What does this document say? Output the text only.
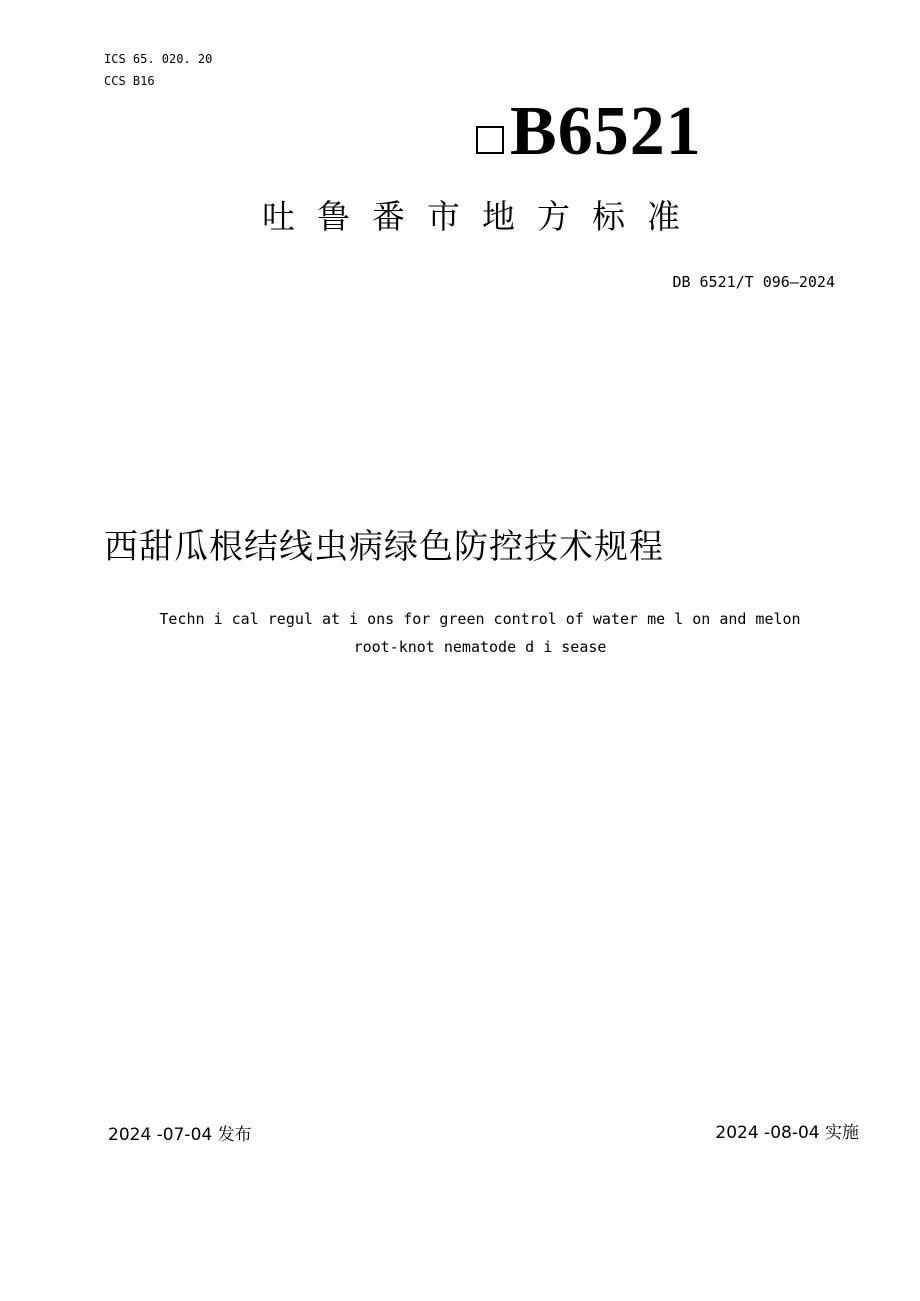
ICS 65. 020. 20
CCS B16
B6521
吐鲁番市地方标准
DB 6521/T 096—2024
西甜瓜根结线虫病绿色防控技术规程
Techn i cal regul at i ons for green control of water me l on and melon
root-knot nematode d i sease
2024 -07-04 发布	2024 -08-04 实施
